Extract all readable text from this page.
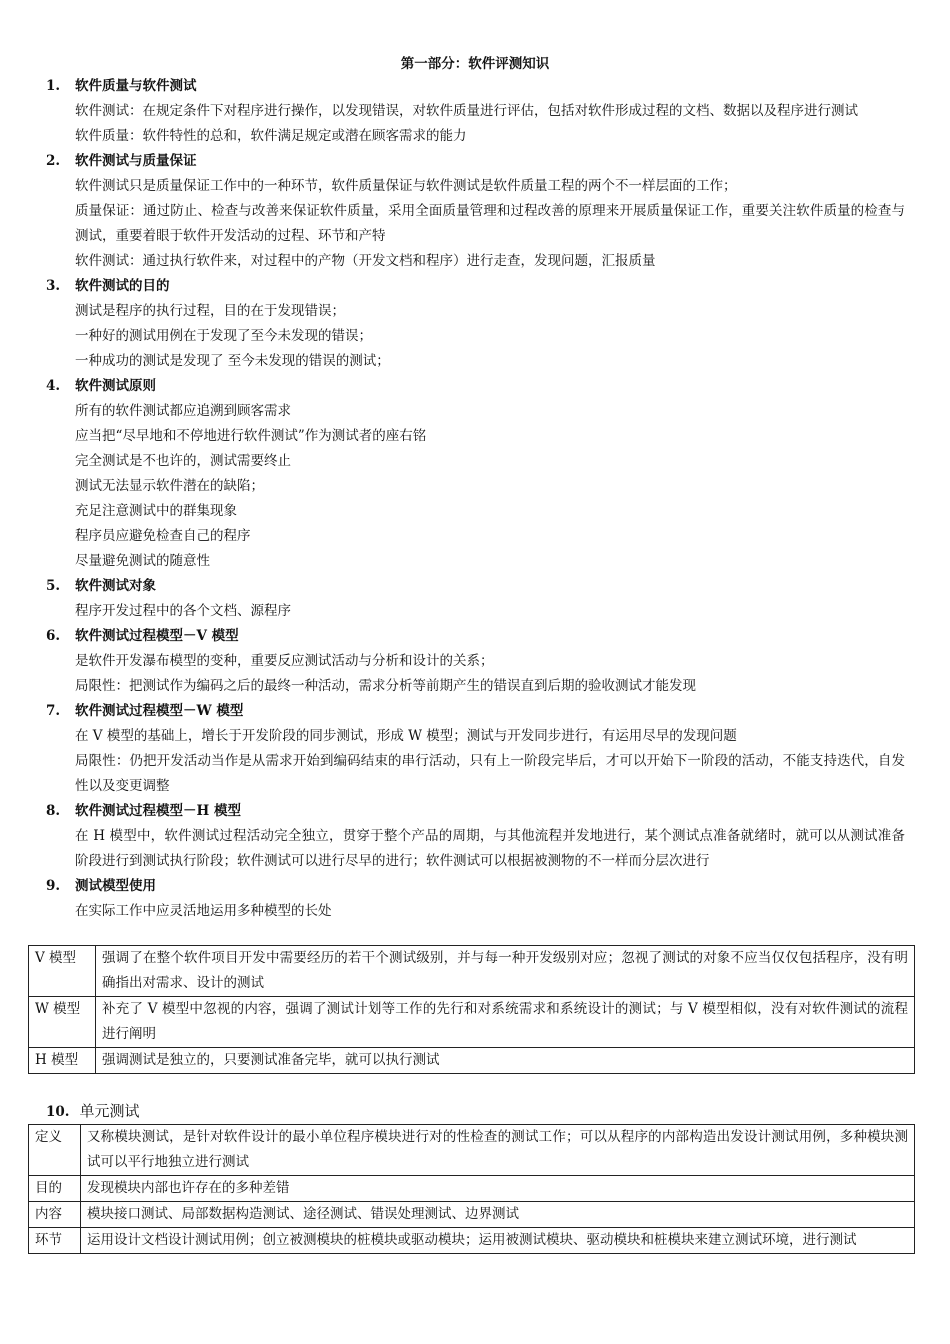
第一部分：软件评测知识
1. 软件质量与软件测试
软件测试：在规定条件下对程序进行操作，以发现错误，对软件质量进行评估，包括对软件形成过程的文档、数据以及程序进行测试
软件质量：软件特性的总和，软件满足规定或潜在顾客需求的能力
2. 软件测试与质量保证
软件测试只是质量保证工作中的一种环节，软件质量保证与软件测试是软件质量工程的两个不一样层面的工作；
质量保证：通过防止、检查与改善来保证软件质量，采用全面质量管理和过程改善的原理来开展质量保证工作，重要关注软件质量的检查与测试，重要着眼于软件开发活动的过程、环节和产特
软件测试：通过执行软件来，对过程中的产物（开发文档和程序）进行走查，发现问题，汇报质量
3. 软件测试的目的
测试是程序的执行过程，目的在于发现错误；
一种好的测试用例在于发现了至今未发现的错误；
一种成功的测试是发现了 至今未发现的错误的测试；
4. 软件测试原则
所有的软件测试都应追溯到顾客需求
应当把“尽早地和不停地进行软件测试”作为测试者的座右铭
完全测试是不也许的，测试需要终止
测试无法显示软件潜在的缺陷；
充足注意测试中的群集现象
程序员应避免检查自己的程序
尽量避免测试的随意性
5. 软件测试对象
程序开发过程中的各个文档、源程序
6. 软件测试过程模型－V 模型
是软件开发瀑布模型的变种，重要反应测试活动与分析和设计的关系；
局限性：把测试作为编码之后的最终一种活动，需求分析等前期产生的错误直到后期的验收测试才能发现
7. 软件测试过程模型－W 模型
在 V 模型的基础上，增长于开发阶段的同步测试，形成 W 模型；测试与开发同步进行，有运用尽早的发现问题
局限性：仍把开发活动当作是从需求开始到编码结束的串行活动，只有上一阶段完毕后，才可以开始下一阶段的活动，不能支持迭代，自发性以及变更调整
8. 软件测试过程模型－H 模型
在 H 模型中，软件测试过程活动完全独立，贯穿于整个产品的周期，与其他流程并发地进行，某个测试点准备就绪时，就可以从测试准备阶段进行到测试执行阶段；软件测试可以进行尽早的进行；软件测试可以根据被测物的不一样而分层次进行
9. 测试模型使用
在实际工作中应灵活地运用多种模型的长处
V 模型	强调了在整个软件项目开发中需要经历的若干个测试级别，并与每一种开发级别对应；忽视了测试的对象不应当仅仅包括程序，没有明确指出对需求、设计的测试
W 模型	补充了 V 模型中忽视的内容，强调了测试计划等工作的先行和对系统需求和系统设计的测试；与 V 模型相似，没有对软件测试的流程进行阐明
H 模型	强调测试是独立的，只要测试准备完毕，就可以执行测试
10. 单元测试
定义	又称模块测试，是针对软件设计的最小单位程序模块进行对的性检查的测试工作；可以从程序的内部构造出发设计测试用例，多种模块测试可以平行地独立进行测试
目的	发现模块内部也许存在的多种差错
内容	模块接口测试、局部数据构造测试、途径测试、错误处理测试、边界测试
环节	运用设计文档设计测试用例；创立被测模块的桩模块或驱动模块；运用被测试模块、驱动模块和桩模块来建立测试环境，进行测试
